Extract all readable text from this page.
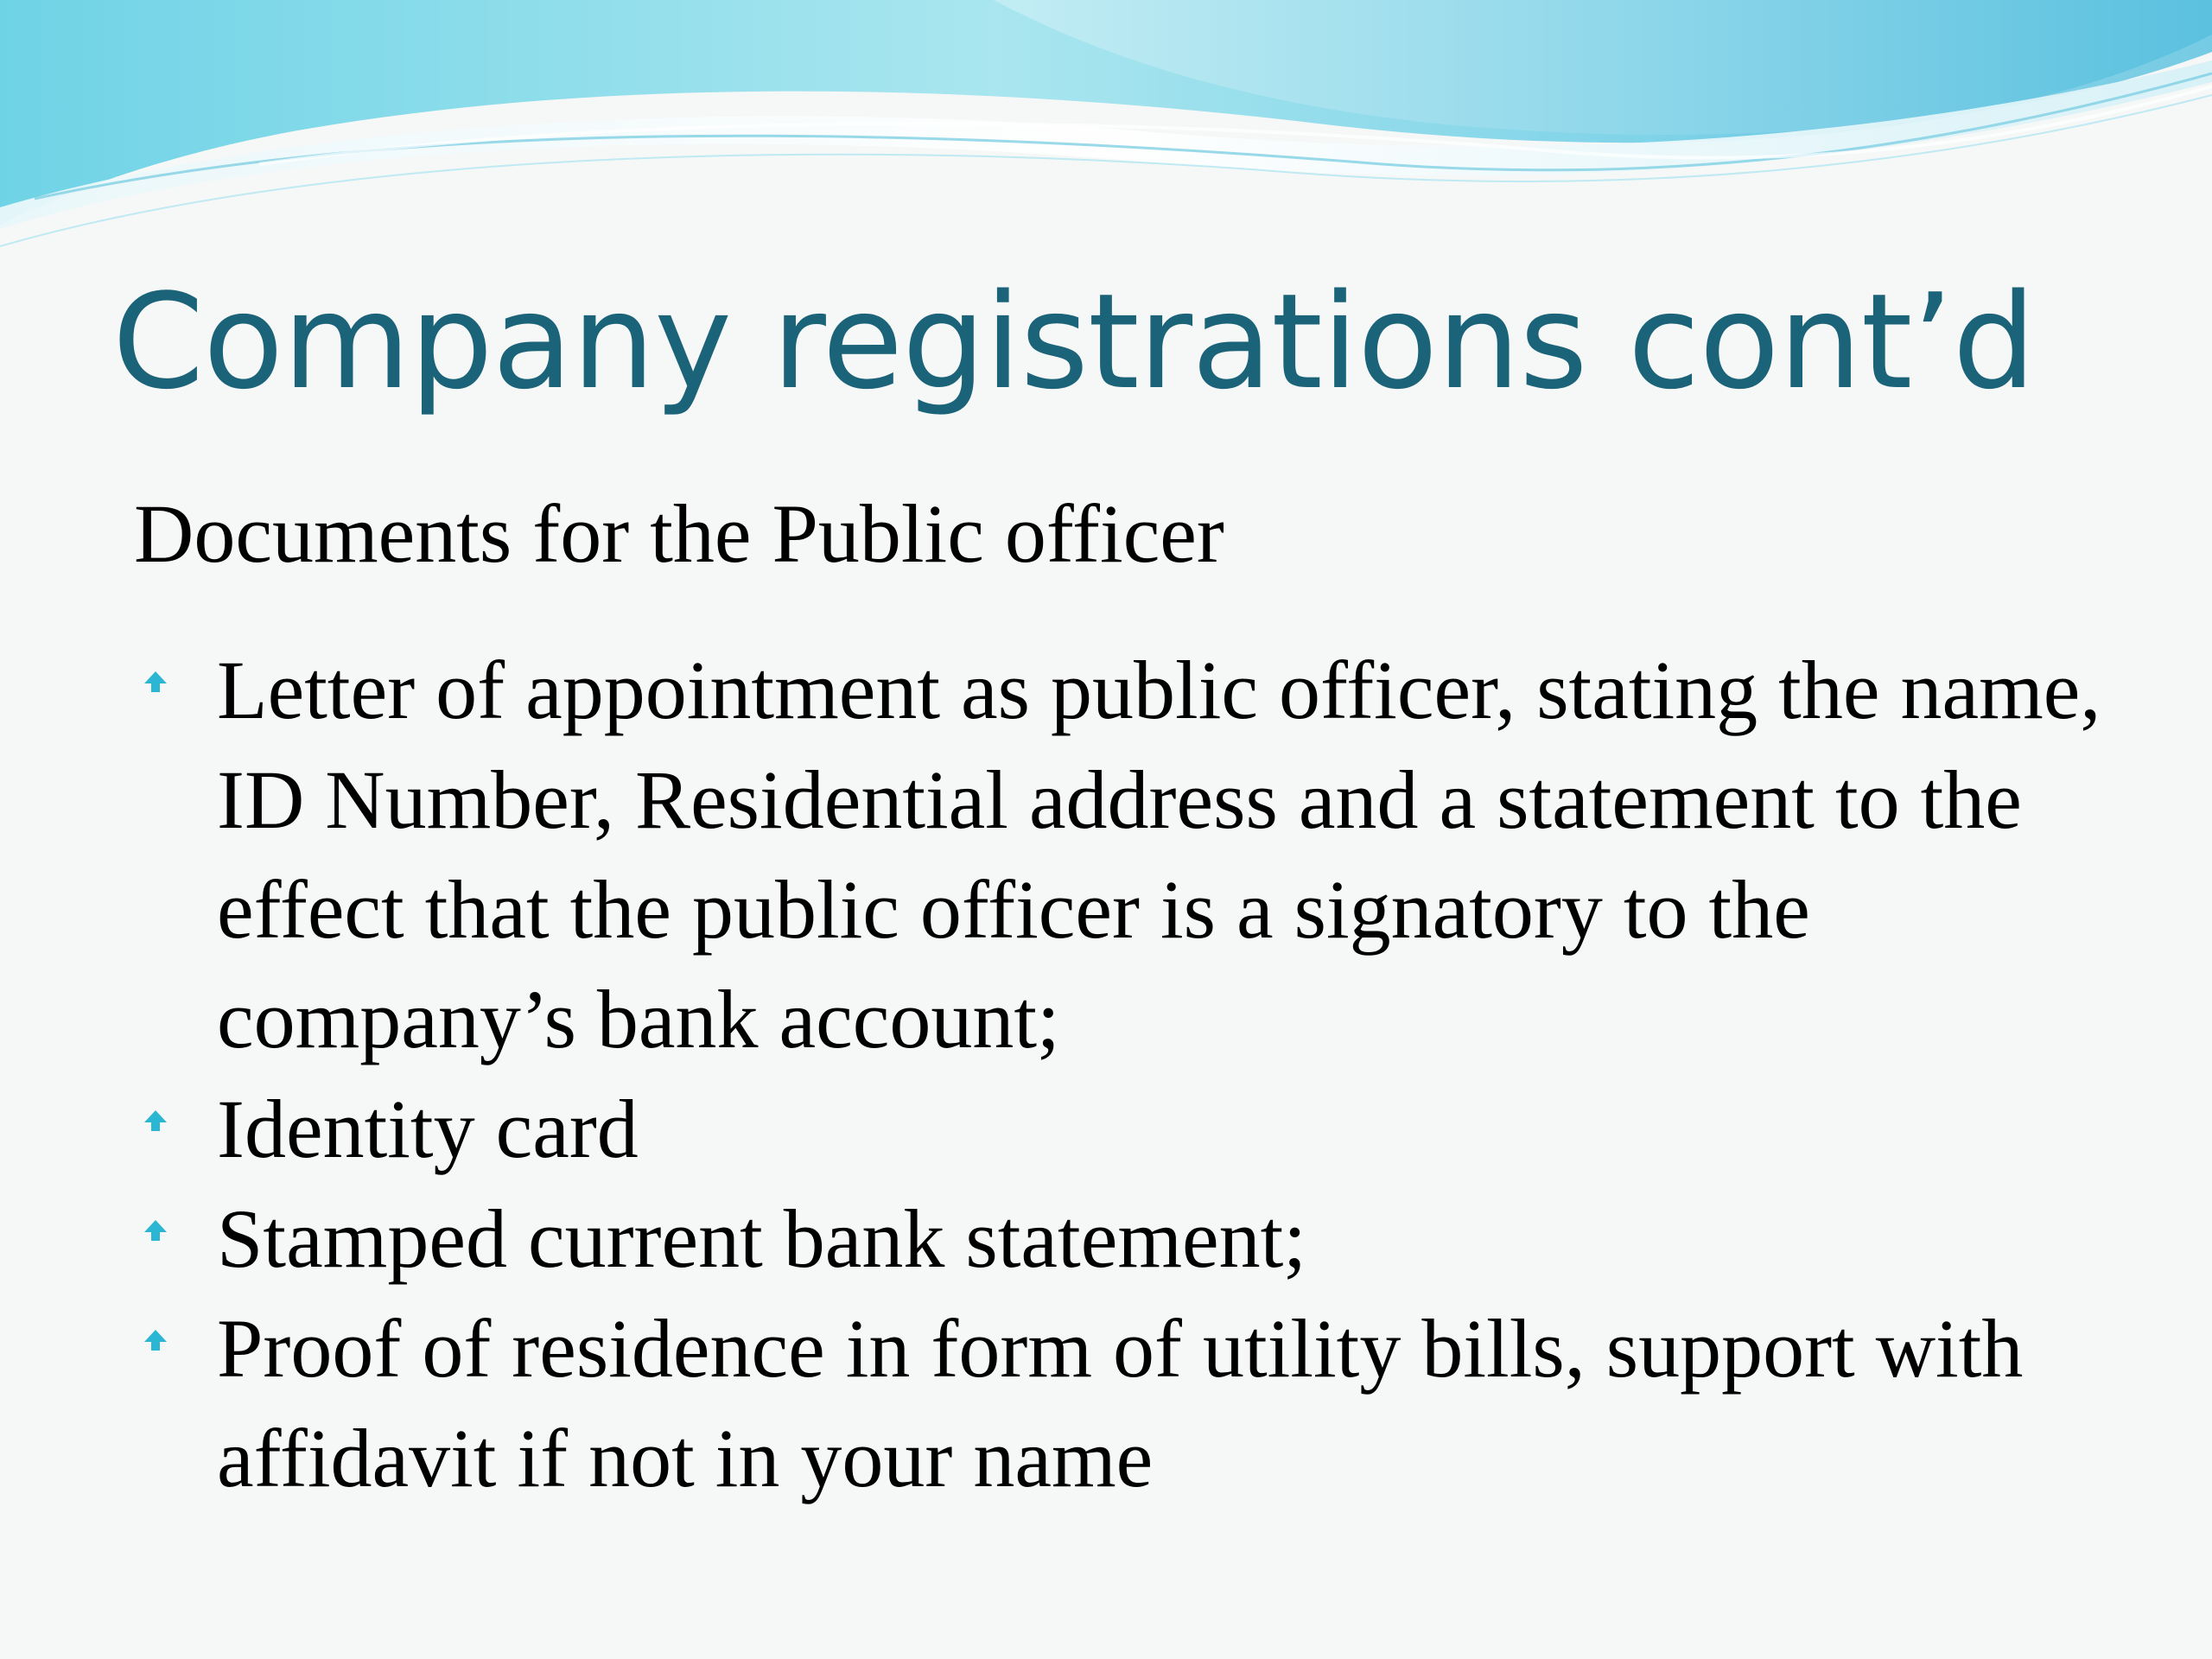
Company registrations cont’d
Documents for the Public officer
Letter of appointment as public officer, stating the name, ID Number, Residential address and a statement to the effect that the public officer is a signatory to the company’s bank account;
Identity card
Stamped current bank statement;
Proof of residence in form of utility bills, support with affidavit if not in your name
